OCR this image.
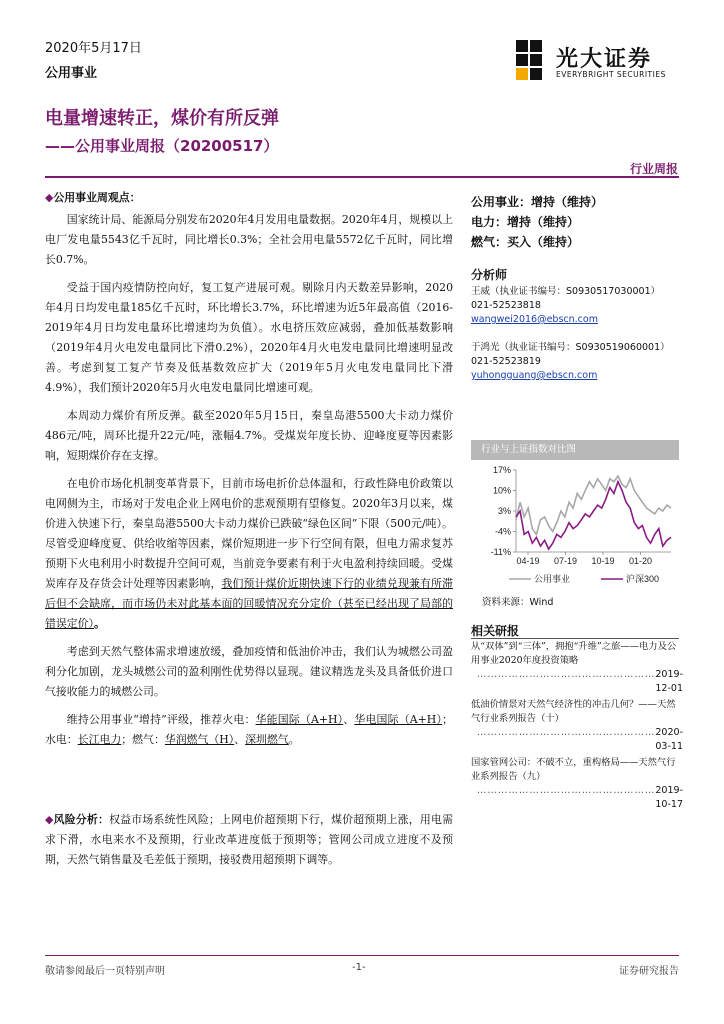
2020年5月17日
公用事业
电量增速转正，煤价有所反弹
——公用事业周报（20200517）
光大证券
EVERYBRIGHT SECURITIES
行业周报

◆公用事业周观点：

国家统计局、能源局分别发布2020年4月发用电量数据。2020年4月，规模以上电厂发电量5543亿千瓦时，同比增长0.3%；全社会用电量5572亿千瓦时，同比增长0.7%。

受益于国内疫情防控向好，复工复产进展可观。剔除月内天数差异影响，2020年4月日均发电量185亿千瓦时，环比增长3.7%，环比增速为近5年最高值（2016-2019年4月日均发电量环比增速均为负值）。水电挤压效应减弱，叠加低基数影响（2019年4月火电发电量同比下滑0.2%），2020年4月火电发电量同比增速明显改善。考虑到复工复产节奏及低基数效应扩大（2019年5月火电发电量同比下滑4.9%），我们预计2020年5月火电发电量同比增速可观。

本周动力煤价有所反弹。截至2020年5月15日，秦皇岛港5500大卡动力煤价486元/吨，周环比提升22元/吨，涨幅4.7%。受煤炭年度长协、迎峰度夏等因素影响，短期煤价存在支撑。

在电价市场化机制变革背景下，目前市场电折价总体温和，行政性降电价政策以电网侧为主，市场对于发电企业上网电价的悲观预期有望修复。2020年3月以来，煤价进入快速下行，秦皇岛港5500大卡动力煤价已跌破“绿色区间”下限（500元/吨）。尽管受迎峰度夏、供给收缩等因素，煤价短期进一步下行空间有限，但电力需求复苏预期下火电利用小时数提升空间可观，当前竞争要素有利于火电盈利持续回暖。受煤炭库存及存货会计处理等因素影响，我们预计煤价近期快速下行的业绩兑现兼有所滞后但不会缺席，而市场仍未对此基本面的回暖情况充分定价（甚至已经出现了局部的错误定价）。

考虑到天然气整体需求增速放缓，叠加疫情和低油价冲击，我们认为城燃公司盈利分化加剧，龙头城燃公司的盈利刚性优势得以显现。建议精选龙头及具备低价进口气接收能力的城燃公司。

维持公用事业“增持”评级，推荐火电：华能国际（A+H）、华电国际（A+H）；水电：长江电力；燃气：华润燃气（H）、深圳燃气。

◆风险分析：权益市场系统性风险；上网电价超预期下行，煤价超预期上涨，用电需求下滑，水电来水不及预期，行业改革进度低于预期等；管网公司成立进度不及预期，天然气销售量及毛差低于预期，接驳费用超预期下调等。
公用事业：增持（维持）
电力：增持（维持）
燃气：买入（维持）
分析师
王威（执业证书编号：S0930517030001）
021-52523818
wangwei2016@ebscn.com
于鸿光（执业证书编号：S0930519060001）
021-52523819
yuhongguang@ebscn.com
行业与上证指数对比图
17%
10%
3%
-4%
-11%
04-19 07-19 10-19 01-20
公用事业	沪深300
资料来源：Wind
相关研报
从“双体”到“三体”，拥抱“升维”之旅——电力及公用事业2020年度投资策略
……………………………………………2019-12-01
低油价情景对天然气经济性的冲击几何？——天然气行业系列报告（十）
……………………………………………2020-03-11
国家管网公司：不破不立，重构格局——天然气行业系列报告（九）
……………………………………………2019-10-17
敬请参阅最后一页特别声明	-1-	证券研究报告
